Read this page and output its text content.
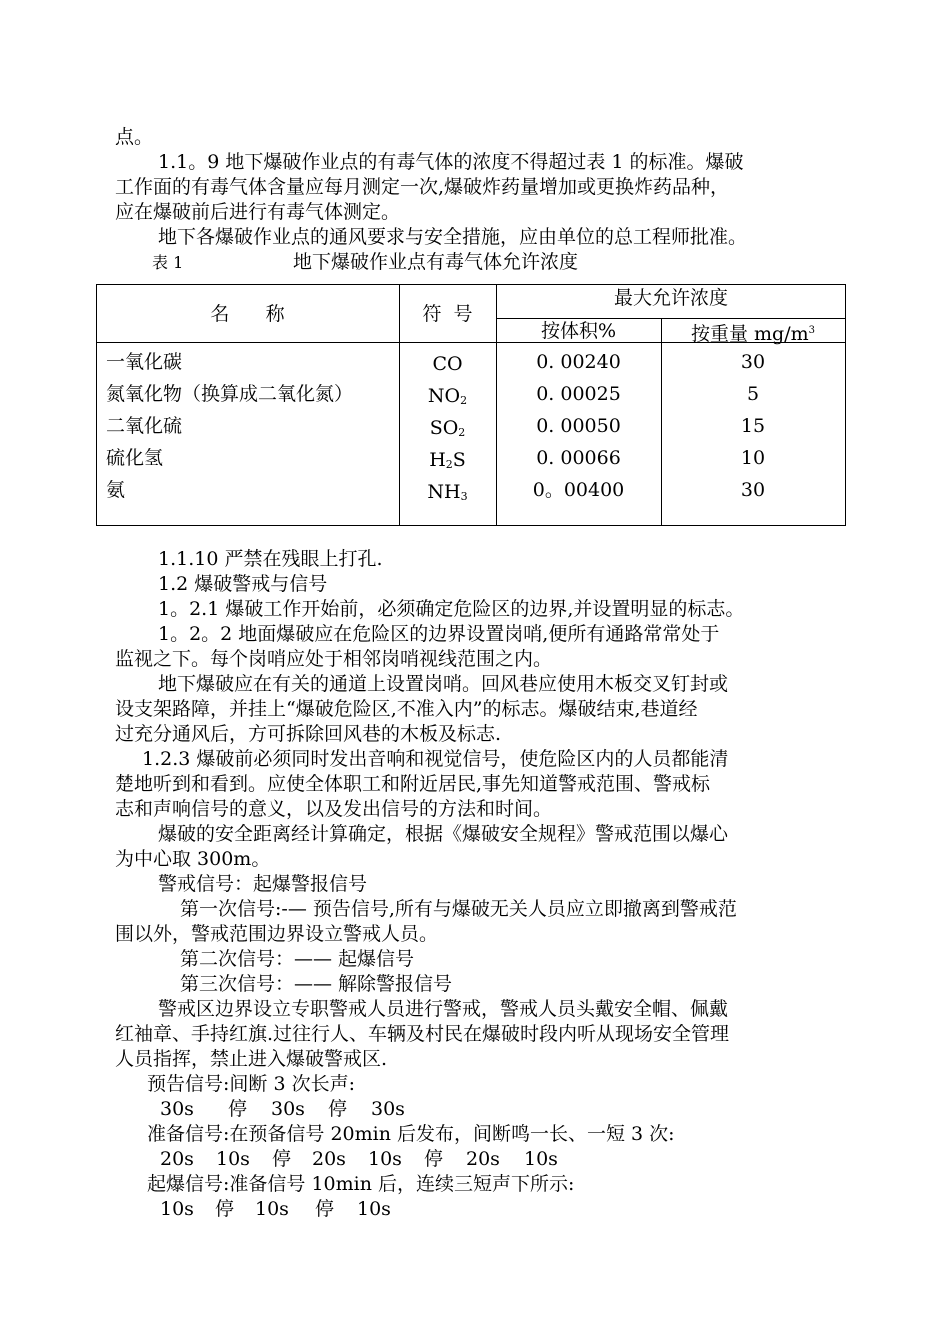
点。
1.1。9 地下爆破作业点的有毒气体的浓度不得超过表 1 的标准。爆破
工作面的有毒气体含量应每月测定一次,爆破炸药量增加或更换炸药品种，
应在爆破前后进行有毒气体测定。
地下各爆破作业点的通风要求与安全措施，应由单位的总工程师批准。
表 1	地下爆破作业点有毒气体允许浓度
名      称	符  号
最大允许浓度
按体积%	按重量 $mg/m^3$
一氧化碳	CO	0. 00240	30
氮氧化物（换算成二氧化氮）	$NO_2$	0. 00025	5
二氧化硫	$SO_2$	0. 00050	15
硫化氢	$H_2S$	0. 00066	10
氨	$NH_3$	0。00400	30
1.1.10 严禁在残眼上打孔.
1.2 爆破警戒与信号
1。2.1 爆破工作开始前，必须确定危险区的边界,并设置明显的标志。
1。2。2 地面爆破应在危险区的边界设置岗哨,便所有通路常常处于
监视之下。每个岗哨应处于相邻岗哨视线范围之内。
地下爆破应在有关的通道上设置岗哨。回风巷应使用木板交叉钉封或
设支架路障，并挂上“爆破危险区,不准入内”的标志。爆破结束,巷道经
过充分通风后，方可拆除回风巷的木板及标志.
1.2.3 爆破前必须同时发出音响和视觉信号，使危险区内的人员都能清
楚地听到和看到。应使全体职工和附近居民,事先知道警戒范围、警戒标
志和声响信号的意义，以及发出信号的方法和时间。
爆破的安全距离经计算确定，根据《爆破安全规程》警戒范围以爆心
为中心取 300m。
警戒信号：起爆警报信号
第一次信号:-— 预告信号,所有与爆破无关人员应立即撤离到警戒范
围以外，警戒范围边界设立警戒人员。
第二次信号：—— 起爆信号
第三次信号：—— 解除警报信号
警戒区边界设立专职警戒人员进行警戒，警戒人员头戴安全帽、佩戴
红袖章、手持红旗.过往行人、车辆及村民在爆破时段内听从现场安全管理
人员指挥，禁止进入爆破警戒区.
预告信号:间断 3 次长声:
30s 停 30s 停 30s
准备信号:在预备信号 20min 后发布，间断鸣一长、一短 3 次:
20s 10s 停 20s 10s 停 20s 10s
起爆信号:准备信号 10min 后，连续三短声下所示:
10s 停 10s 停 10s
